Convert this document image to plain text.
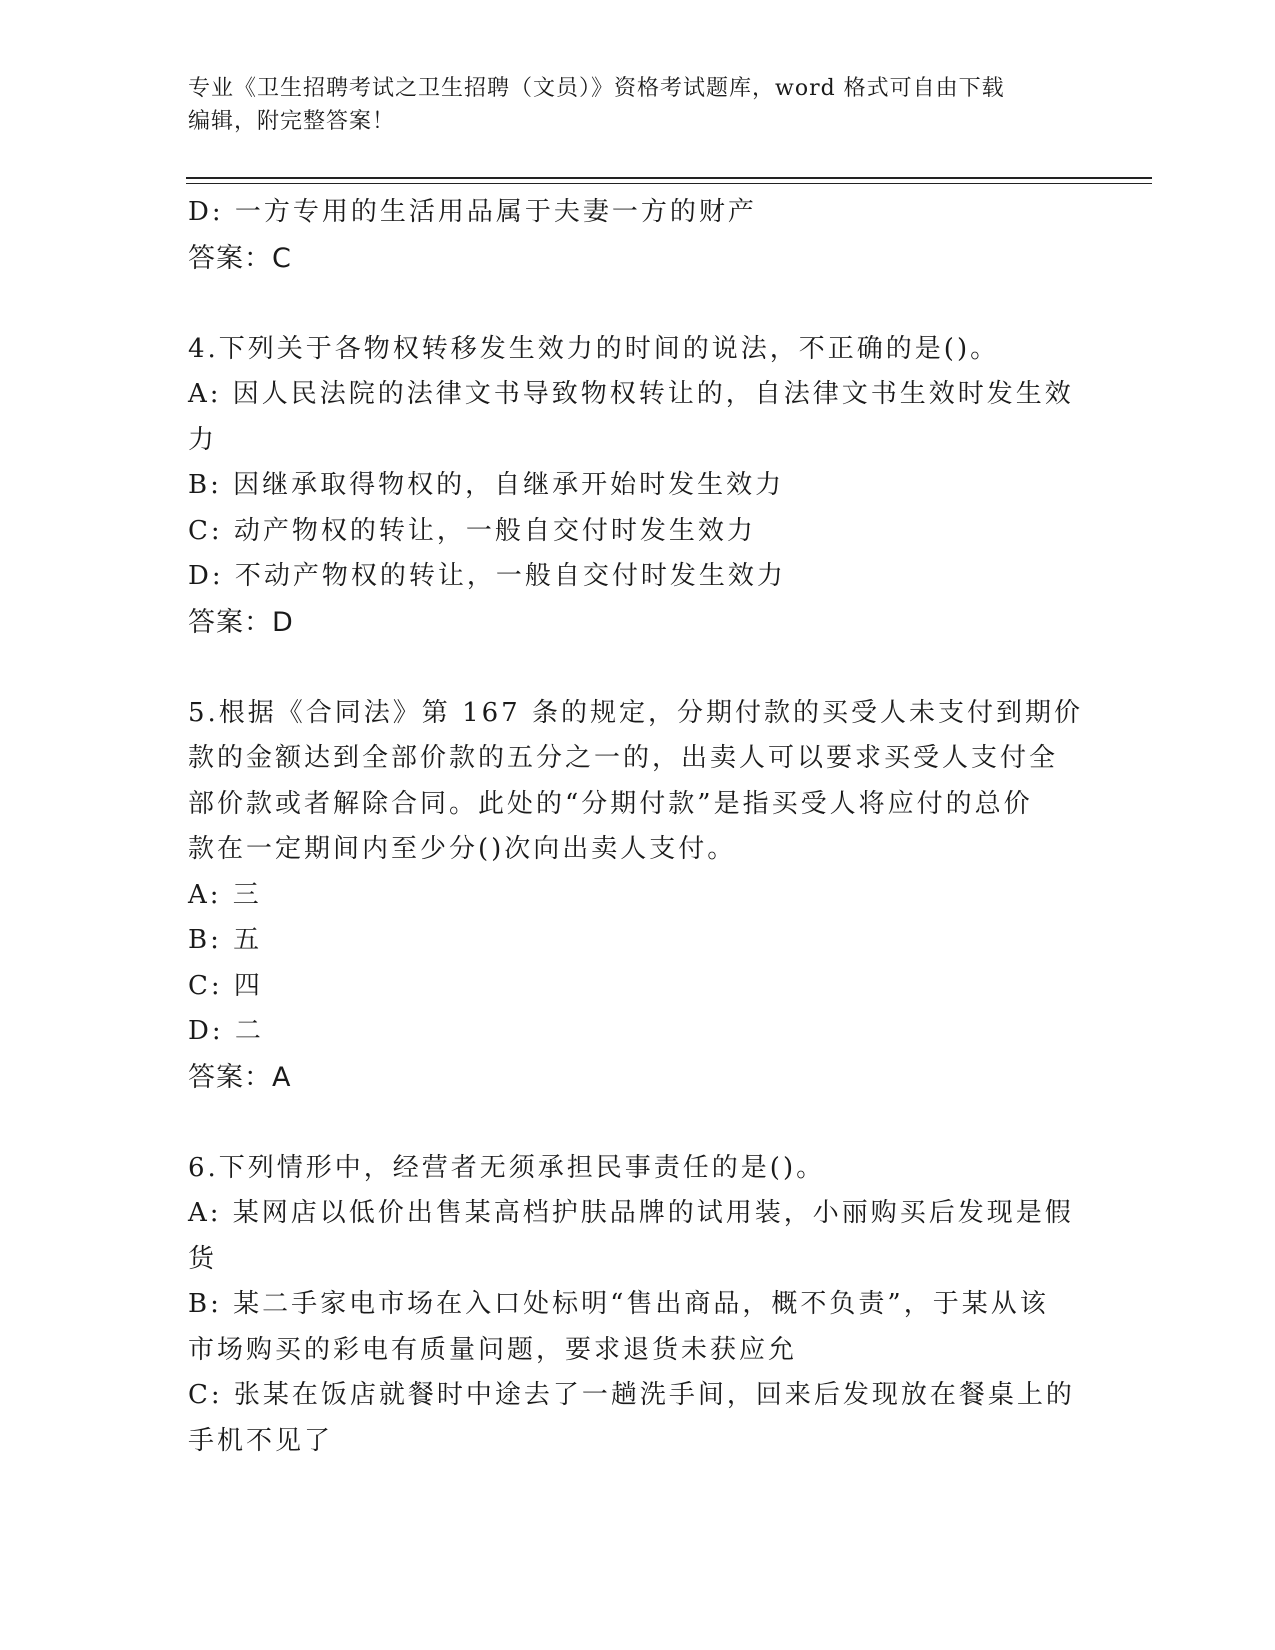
专业《卫生招聘考试之卫生招聘（文员）》资格考试题库，word 格式可自由下载
编辑，附完整答案！
D: 一方专用的生活用品属于夫妻一方的财产
答案：C
4.下列关于各物权转移发生效力的时间的说法，不正确的是()。
A: 因人民法院的法律文书导致物权转让的，自法律文书生效时发生效
力
B: 因继承取得物权的，自继承开始时发生效力
C: 动产物权的转让，一般自交付时发生效力
D: 不动产物权的转让，一般自交付时发生效力
答案：D
5.根据《合同法》第 167 条的规定，分期付款的买受人未支付到期价
款的金额达到全部价款的五分之一的，出卖人可以要求买受人支付全
部价款或者解除合同。此处的“分期付款”是指买受人将应付的总价
款在一定期间内至少分()次向出卖人支付。
A: 三
B: 五
C: 四
D: 二
答案：A
6.下列情形中，经营者无须承担民事责任的是()。
A: 某网店以低价出售某高档护肤品牌的试用装，小丽购买后发现是假
货
B: 某二手家电市场在入口处标明“售出商品，概不负责”，于某从该
市场购买的彩电有质量问题，要求退货未获应允
C: 张某在饭店就餐时中途去了一趟洗手间，回来后发现放在餐桌上的
手机不见了
